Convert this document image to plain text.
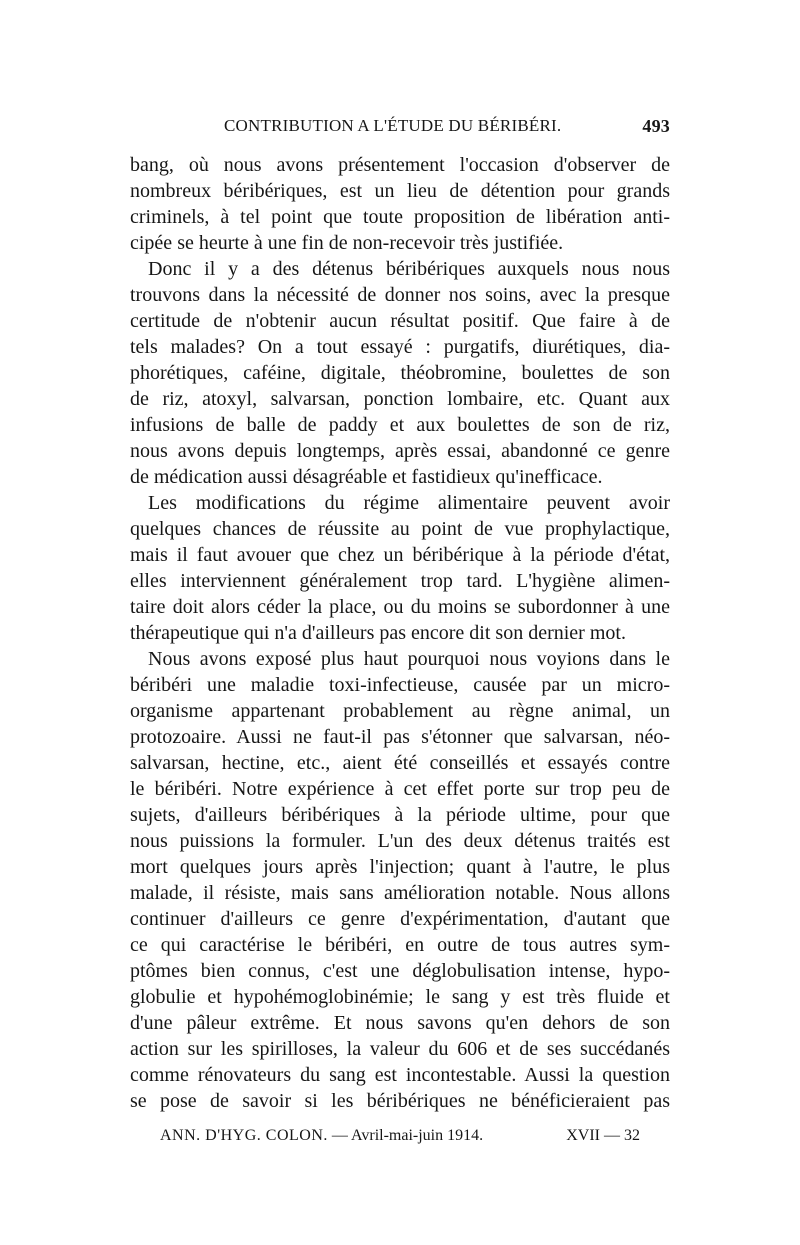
CONTRIBUTION A L'ÉTUDE DU BÉRIBÉRI.	493
bang, où nous avons présentement l'occasion d'observer de
nombreux béribériques, est un lieu de détention pour grands
criminels, à tel point que toute proposition de libération anti-
cipée se heurte à une fin de non-recevoir très justifiée.
Donc il y a des détenus béribériques auxquels nous nous
trouvons dans la nécessité de donner nos soins, avec la presque
certitude de n'obtenir aucun résultat positif. Que faire à de
tels malades? On a tout essayé : purgatifs, diurétiques, dia-
phorétiques, caféine, digitale, théobromine, boulettes de son
de riz, atoxyl, salvarsan, ponction lombaire, etc. Quant aux
infusions de balle de paddy et aux boulettes de son de riz,
nous avons depuis longtemps, après essai, abandonné ce genre
de médication aussi désagréable et fastidieux qu'inefficace.
Les modifications du régime alimentaire peuvent avoir
quelques chances de réussite au point de vue prophylactique,
mais il faut avouer que chez un béribérique à la période d'état,
elles interviennent généralement trop tard. L'hygiène alimen-
taire doit alors céder la place, ou du moins se subordonner à une
thérapeutique qui n'a d'ailleurs pas encore dit son dernier mot.
Nous avons exposé plus haut pourquoi nous voyions dans le
béribéri une maladie toxi-infectieuse, causée par un micro-
organisme appartenant probablement au règne animal, un
protozoaire. Aussi ne faut-il pas s'étonner que salvarsan, néo-
salvarsan, hectine, etc., aient été conseillés et essayés contre
le béribéri. Notre expérience à cet effet porte sur trop peu de
sujets, d'ailleurs béribériques à la période ultime, pour que
nous puissions la formuler. L'un des deux détenus traités est
mort quelques jours après l'injection; quant à l'autre, le plus
malade, il résiste, mais sans amélioration notable. Nous allons
continuer d'ailleurs ce genre d'expérimentation, d'autant que
ce qui caractérise le béribéri, en outre de tous autres sym-
ptômes bien connus, c'est une déglobulisation intense, hypo-
globulie et hypohémoglobinémie; le sang y est très fluide et
d'une pâleur extrême. Et nous savons qu'en dehors de son
action sur les spirilloses, la valeur du 606 et de ses succédanés
comme rénovateurs du sang est incontestable. Aussi la question
se pose de savoir si les béribériques ne bénéficieraient pas
ANN. D'HYG. COLON. — Avril-mai-juin 1914.	XVII — 32
